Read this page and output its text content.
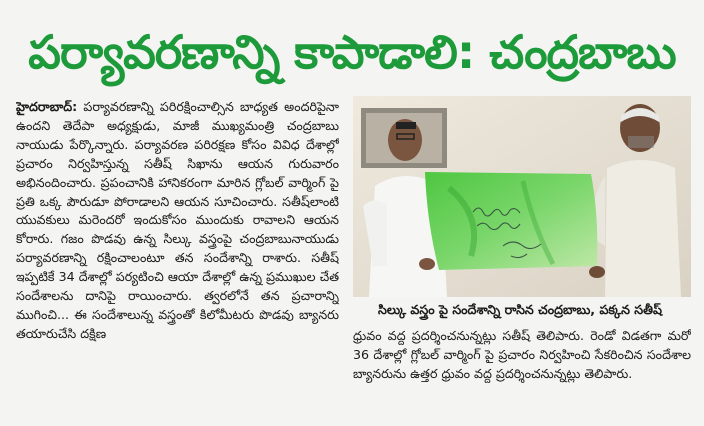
పర్యావరణాన్ని కాపాడాలి: చంద్రబాబు
హైదరాబాద్: పర్యావరణాన్ని పరిరక్షించాల్సిన బాధ్యత అందరిపైనా ఉందని తెదేపా అధ్యక్షుడు, మాజీ ముఖ్యమంత్రి చంద్రబాబు నాయుడు పేర్కొన్నారు. పర్యావరణ పరిరక్షణ కోసం వివిధ దేశాల్లో ప్రచారం నిర్వహిస్తున్న సతీష్ సిఖాను ఆయన గురువారం అభినందించారు. ప్రపంచానికి హానికరంగా మారిన గ్లోబల్ వార్మింగ్ పై ప్రతి ఒక్క పౌరుడూ పోరాడాలని ఆయన సూచించారు. సతీష్‌లాంటి యువకులు మరెందరో ఇందుకోసం ముందుకు రావాలని ఆయన కోరారు. గజం పొడవు ఉన్న సిల్కు వస్త్రంపై చంద్రబాబునాయుడు పర్యావరణాన్ని రక్షించాలంటూ తన సందేశాన్ని రాశారు. సతీష్ ఇప్పటికే 34 దేశాల్లో పర్యటించి ఆయా దేశాల్లో ఉన్న ప్రముఖుల చేత సందేశాలను దానిపై రాయించారు. త్వరలోనే తన ప్రచారాన్ని ముగించి... ఈ సందేశాలున్న వస్త్రంతో కిలోమీటరు పొడవు బ్యానరు తయారుచేసి దక్షిణ
సిల్కు వస్త్రం పై సందేశాన్ని రాసిన చంద్రబాబు, పక్కన సతీష్
ధ్రువం వద్ద ప్రదర్శించనున్నట్లు సతీష్ తెలిపారు. రెండో విడతగా మరో 36 దేశాల్లో గ్లోబల్ వార్మింగ్ పై ప్రచారం నిర్వహించి సేకరించిన సందేశాల బ్యానరును ఉత్తర ధ్రువం వద్ద ప్రదర్శించనున్నట్లు తెలిపారు.
